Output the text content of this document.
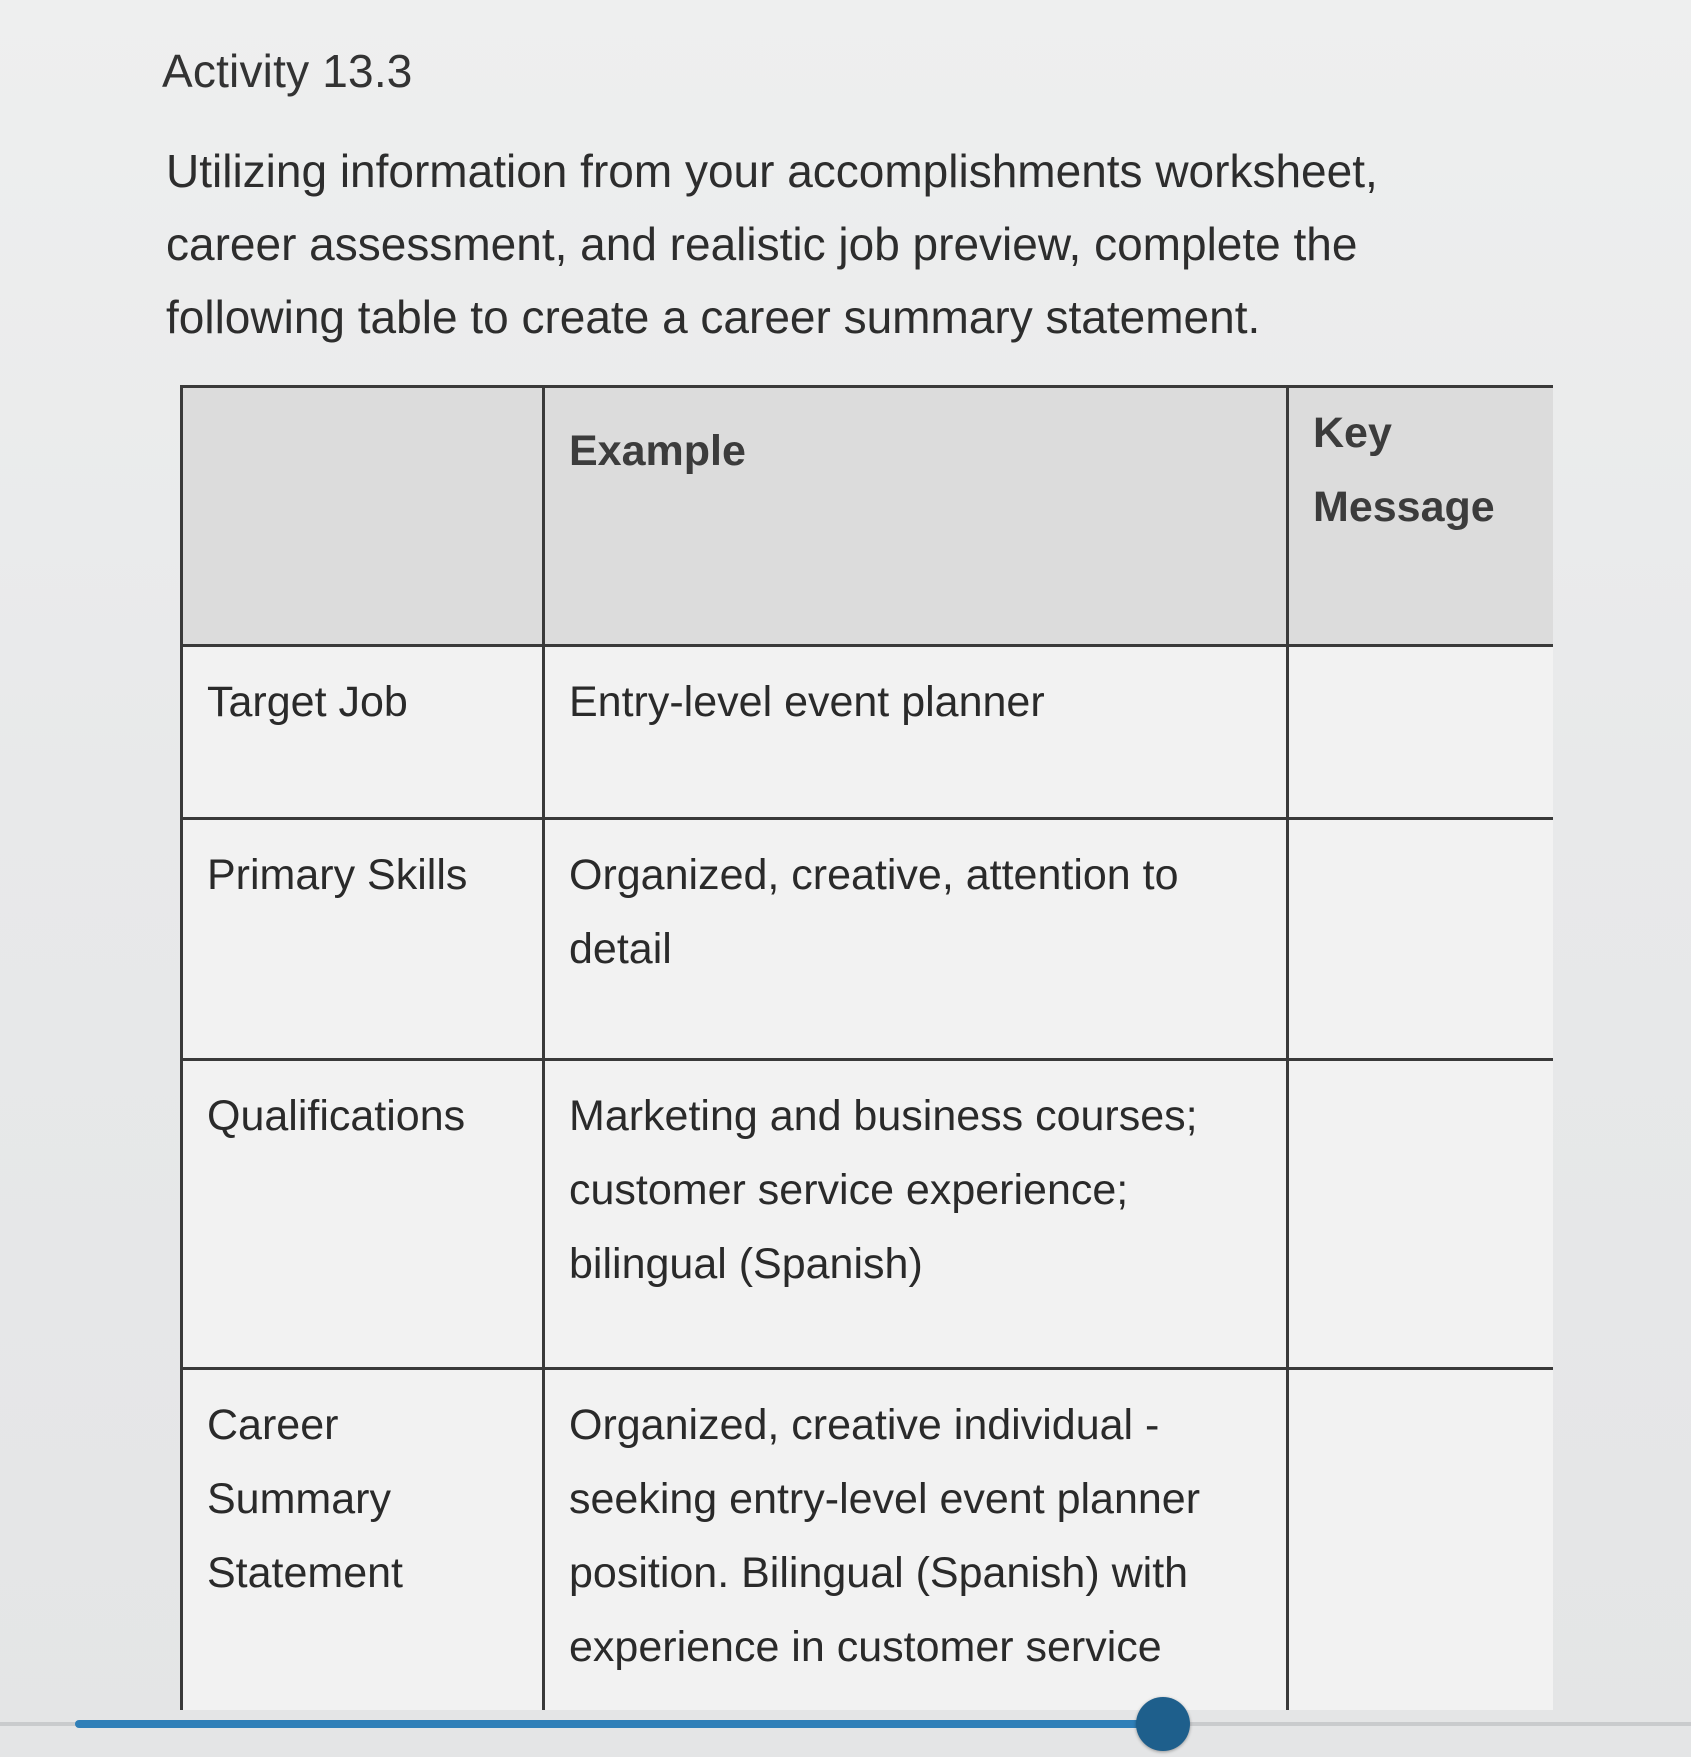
Activity 13.3
Utilizing information from your accomplishments worksheet, career assessment, and realistic job preview, complete the following table to create a career summary statement.
	Example	Key Message
Target Job	Entry-level event planner	
Primary Skills	Organized, creative, attention to detail	
Qualifications	Marketing and business courses; customer service experience; bilingual (Spanish)	
Career Summary Statement	Organized, creative individual - seeking entry-level event planner position. Bilingual (Spanish) with experience in customer service	
